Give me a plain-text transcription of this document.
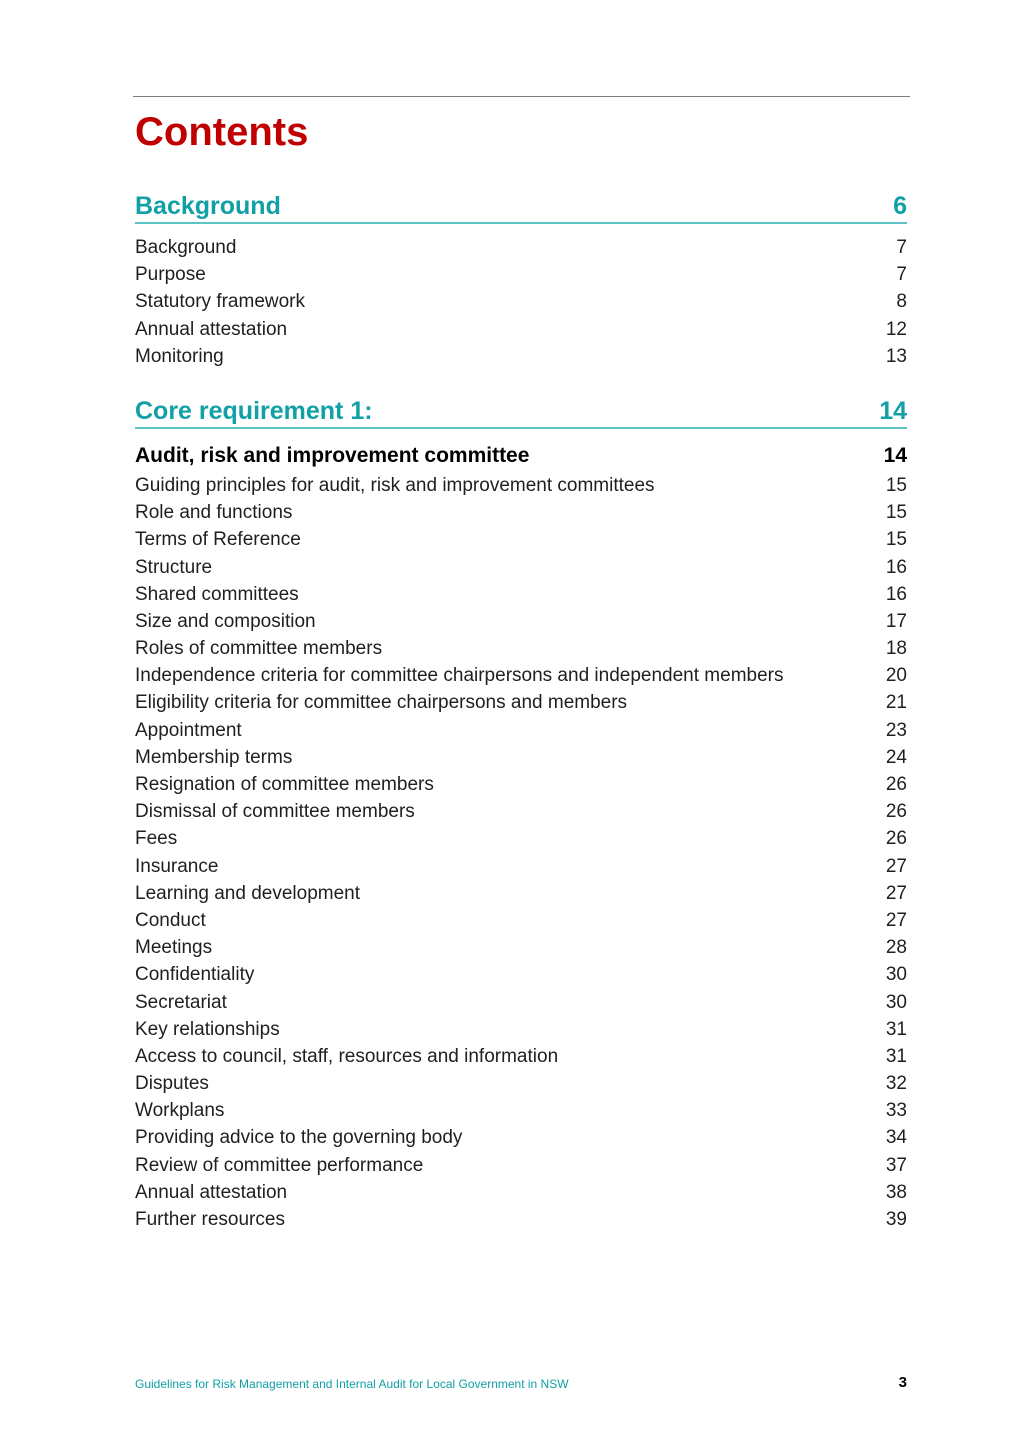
Contents
Background	6
Background	7
Purpose	7
Statutory framework	8
Annual attestation	12
Monitoring	13
Core requirement 1:	14
Audit, risk and improvement committee	14
Guiding principles for audit, risk and improvement committees	15
Role and functions	15
Terms of Reference	15
Structure	16
Shared committees	16
Size and composition	17
Roles of committee members	18
Independence criteria for committee chairpersons and independent members	20
Eligibility criteria for committee chairpersons and members	21
Appointment	23
Membership terms	24
Resignation of committee members	26
Dismissal of committee members	26
Fees	26
Insurance	27
Learning and development	27
Conduct	27
Meetings	28
Confidentiality	30
Secretariat	30
Key relationships	31
Access to council, staff, resources and information	31
Disputes	32
Workplans	33
Providing advice to the governing body	34
Review of committee performance	37
Annual attestation	38
Further resources	39
Guidelines for Risk Management and Internal Audit for Local Government in NSW	3
